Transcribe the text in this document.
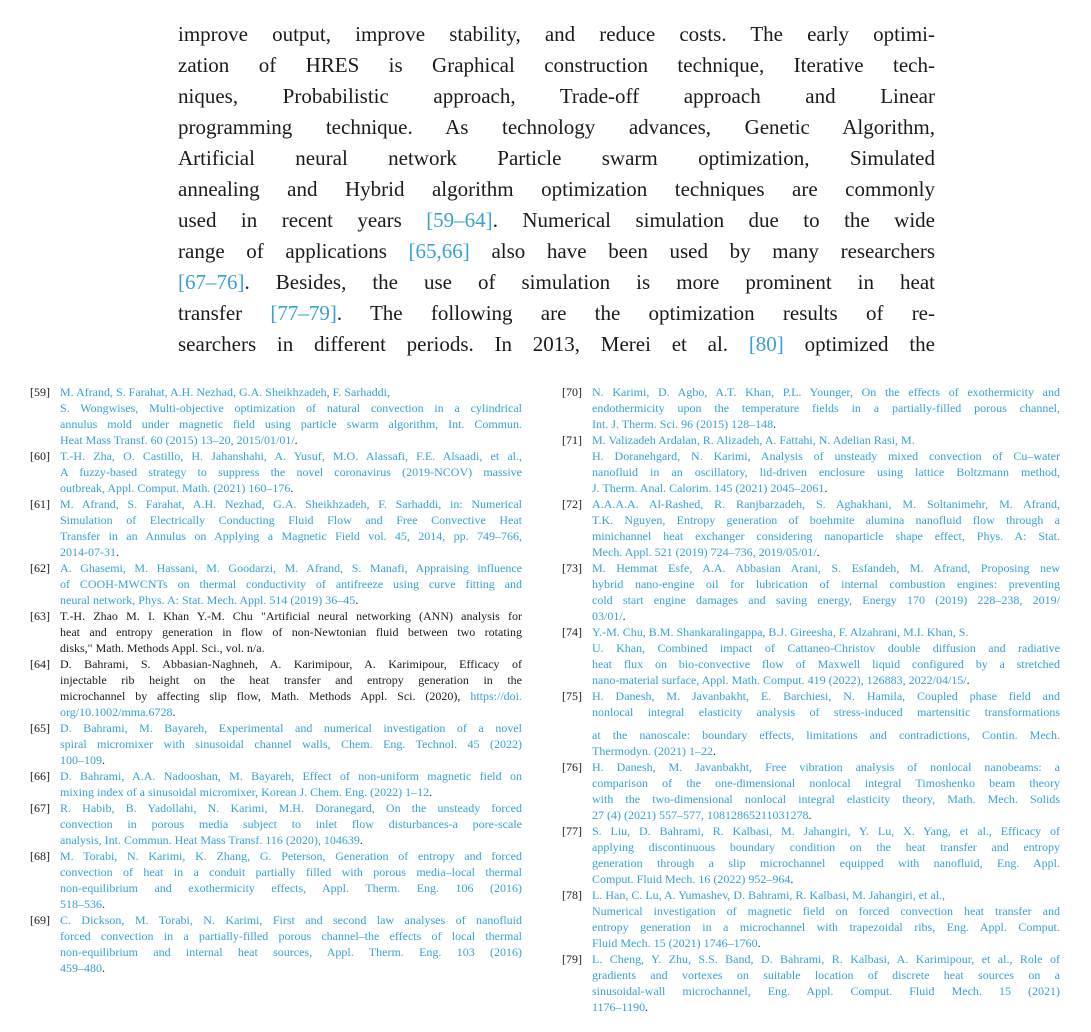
improve output, improve stability, and reduce costs. The early optimi-
zation of HRES is Graphical construction technique, Iterative tech-
niques, Probabilistic approach, Trade-off approach and Linear
programming technique. As technology advances, Genetic Algorithm,
Artificial neural network Particle swarm optimization, Simulated
annealing and Hybrid algorithm optimization techniques are commonly
used in recent years [59–64]. Numerical simulation due to the wide
range of applications [65,66] also have been used by many researchers
[67–76]. Besides, the use of simulation is more prominent in heat
transfer [77–79]. The following are the optimization results of re-
searchers in different periods. In 2013, Merei et al. [80] optimized the
[59] M. Afrand, S. Farahat, A.H. Nezhad, G.A. Sheikhzadeh, F. Sarhaddi,
S. Wongwises, Multi-objective optimization of natural convection in a cylindrical
annulus mold under magnetic field using particle swarm algorithm, Int. Commun.
Heat Mass Transf. 60 (2015) 13–20, 2015/01/01/.
[60] T.-H. Zha, O. Castillo, H. Jahanshahi, A. Yusuf, M.O. Alassafi, F.E. Alsaadi, et al.,
A fuzzy-based strategy to suppress the novel coronavirus (2019-NCOV) massive
outbreak, Appl. Comput. Math. (2021) 160–176.
[61] M. Afrand, S. Farahat, A.H. Nezhad, G.A. Sheikhzadeh, F. Sarhaddi, in: Numerical
Simulation of Electrically Conducting Fluid Flow and Free Convective Heat
Transfer in an Annulus on Applying a Magnetic Field vol. 45, 2014, pp. 749–766,
2014-07-31.
[62] A. Ghasemi, M. Hassani, M. Goodarzi, M. Afrand, S. Manafi, Appraising influence
of COOH-MWCNTs on thermal conductivity of antifreeze using curve fitting and
neural network, Phys. A: Stat. Mech. Appl. 514 (2019) 36–45.
[63] T.-H. Zhao M. I. Khan Y.-M. Chu "Artificial neural networking (ANN) analysis for
heat and entropy generation in flow of non-Newtonian fluid between two rotating
disks," Math. Methods Appl. Sci., vol. n/a.
[64] D. Bahrami, S. Abbasian-Naghneh, A. Karimipour, A. Karimipour, Efficacy of
injectable rib height on the heat transfer and entropy generation in the
microchannel by affecting slip flow, Math. Methods Appl. Sci. (2020), https://doi.
org/10.1002/mma.6728.
[65] D. Bahrami, M. Bayareh, Experimental and numerical investigation of a novel
spiral micromixer with sinusoidal channel walls, Chem. Eng. Technol. 45 (2022)
100–109.
[66] D. Bahrami, A.A. Nadooshan, M. Bayareh, Effect of non-uniform magnetic field on
mixing index of a sinusoidal micromixer, Korean J. Chem. Eng. (2022) 1–12.
[67] R. Habib, B. Yadollahi, N. Karimi, M.H. Doranegard, On the unsteady forced
convection in porous media subject to inlet flow disturbances-a pore-scale
analysis, Int. Commun. Heat Mass Transf. 116 (2020), 104639.
[68] M. Torabi, N. Karimi, K. Zhang, G. Peterson, Generation of entropy and forced
convection of heat in a conduit partially filled with porous media–local thermal
non-equilibrium and exothermicity effects, Appl. Therm. Eng. 106 (2016)
518–536.
[69] C. Dickson, M. Torabi, N. Karimi, First and second law analyses of nanofluid
forced convection in a partially-filled porous channel–the effects of local thermal
non-equilibrium and internal heat sources, Appl. Therm. Eng. 103 (2016)
459–480.
[70] N. Karimi, D. Agbo, A.T. Khan, P.L. Younger, On the effects of exothermicity and
endothermicity upon the temperature fields in a partially-filled porous channel,
Int. J. Therm. Sci. 96 (2015) 128–148.
[71] M. Valizadeh Ardalan, R. Alizadeh, A. Fattahi, N. Adelian Rasi, M.
H. Doranehgard, N. Karimi, Analysis of unsteady mixed convection of Cu–water
nanofluid in an oscillatory, lid-driven enclosure using lattice Boltzmann method,
J. Therm. Anal. Calorim. 145 (2021) 2045–2061.
[72] A.A.A.A. Al-Rashed, R. Ranjbarzadeh, S. Aghakhani, M. Soltanimehr, M. Afrand,
T.K. Nguyen, Entropy generation of boehmite alumina nanofluid flow through a
minichannel heat exchanger considering nanoparticle shape effect, Phys. A: Stat.
Mech. Appl. 521 (2019) 724–736, 2019/05/01/.
[73] M. Hemmat Esfe, A.A. Abbasian Arani, S. Esfandeh, M. Afrand, Proposing new
hybrid nano-engine oil for lubrication of internal combustion engines: preventing
cold start engine damages and saving energy, Energy 170 (2019) 228–238, 2019/
03/01/.
[74] Y.-M. Chu, B.M. Shankaralingappa, B.J. Gireesha, F. Alzahrani, M.I. Khan, S.
U. Khan, Combined impact of Cattaneo-Christov double diffusion and radiative
heat flux on bio-convective flow of Maxwell liquid configured by a stretched
nano-material surface, Appl. Math. Comput. 419 (2022), 126883, 2022/04/15/.
[75] H. Danesh, M. Javanbakht, E. Barchiesi, N. Hamila, Coupled phase field and
nonlocal integral elasticity analysis of stress-induced martensitic transformations
at the nanoscale: boundary effects, limitations and contradictions, Contin. Mech.
Thermodyn. (2021) 1–22.
[76] H. Danesh, M. Javanbakht, Free vibration analysis of nonlocal nanobeams: a
comparison of the one-dimensional nonlocal integral Timoshenko beam theory
with the two-dimensional nonlocal integral elasticity theory, Math. Mech. Solids
27 (4) (2021) 557–577, 10812865211031278.
[77] S. Liu, D. Bahrami, R. Kalbasi, M. Jahangiri, Y. Lu, X. Yang, et al., Efficacy of
applying discontinuous boundary condition on the heat transfer and entropy
generation through a slip microchannel equipped with nanofluid, Eng. Appl.
Comput. Fluid Mech. 16 (2022) 952–964.
[78] L. Han, C. Lu, A. Yumashev, D. Bahrami, R. Kalbasi, M. Jahangiri, et al.,
Numerical investigation of magnetic field on forced convection heat transfer and
entropy generation in a microchannel with trapezoidal ribs, Eng. Appl. Comput.
Fluid Mech. 15 (2021) 1746–1760.
[79] L. Cheng, Y. Zhu, S.S. Band, D. Bahrami, R. Kalbasi, A. Karimipour, et al., Role of
gradients and vortexes on suitable location of discrete heat sources on a
sinusoidal-wall microchannel, Eng. Appl. Comput. Fluid Mech. 15 (2021)
1176–1190.
